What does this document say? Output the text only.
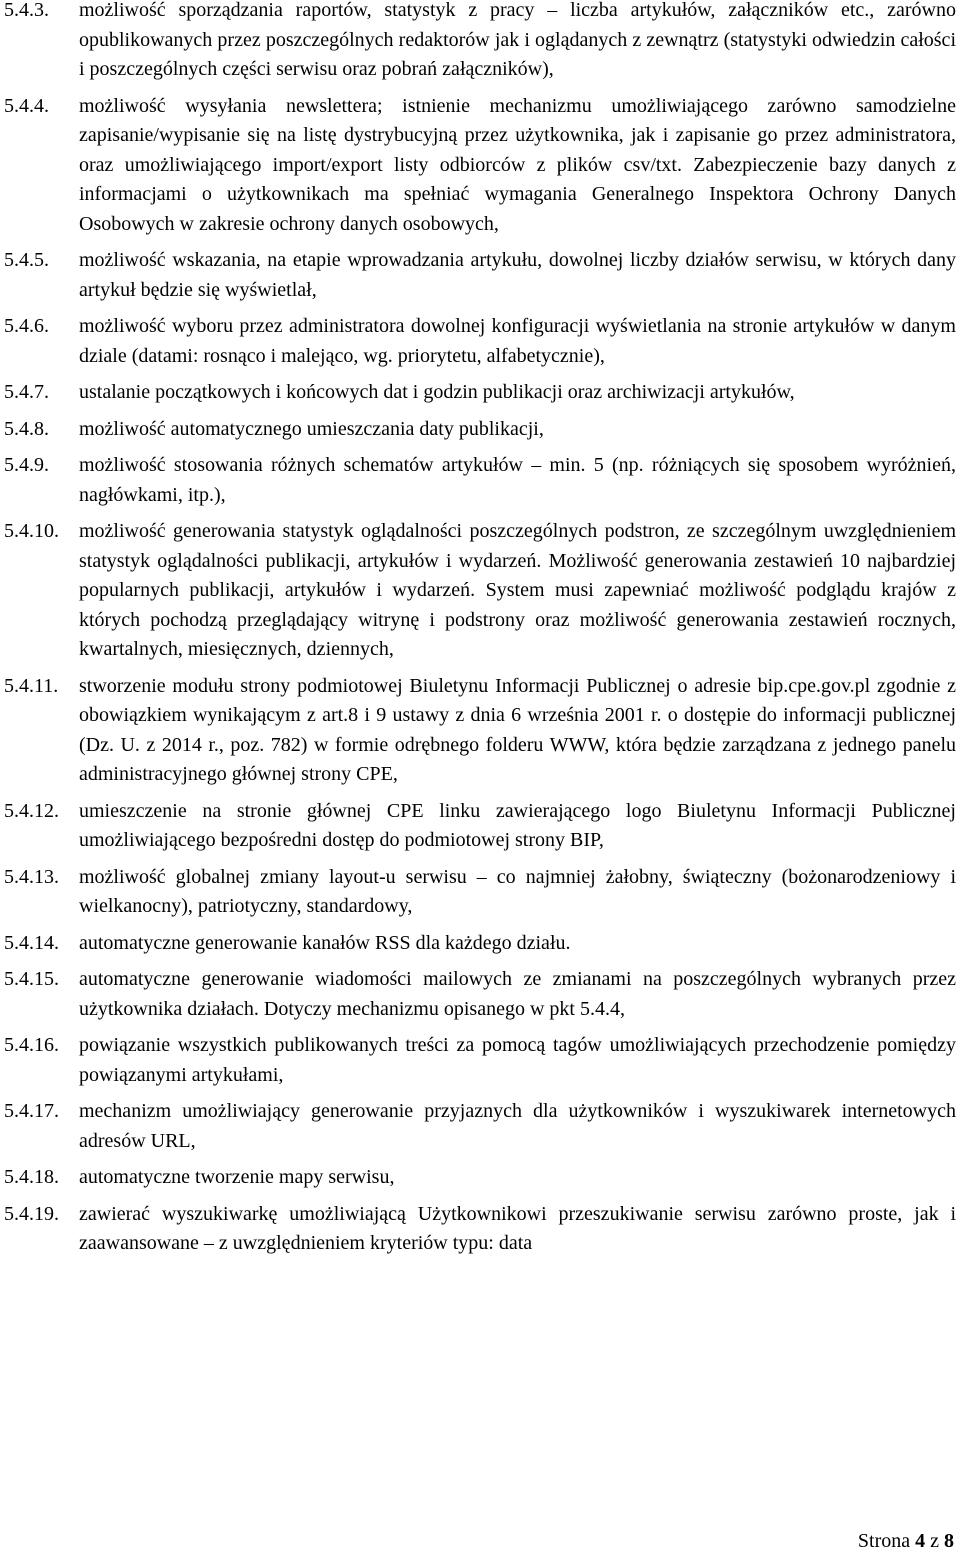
5.4.3. możliwość sporządzania raportów, statystyk z pracy – liczba artykułów, załączników etc., zarówno opublikowanych przez poszczególnych redaktorów jak i oglądanych z zewnątrz (statystyki odwiedzin całości i poszczególnych części serwisu oraz pobrań załączników),
5.4.4. możliwość wysyłania newslettera; istnienie mechanizmu umożliwiającego zarówno samodzielne zapisanie/wypisanie się na listę dystrybucyjną przez użytkownika, jak i zapisanie go przez administratora, oraz umożliwiającego import/export listy odbiorców z plików csv/txt. Zabezpieczenie bazy danych z informacjami o użytkownikach ma spełniać wymagania Generalnego Inspektora Ochrony Danych Osobowych w zakresie ochrony danych osobowych,
5.4.5. możliwość wskazania, na etapie wprowadzania artykułu, dowolnej liczby działów serwisu, w których dany artykuł będzie się wyświetlał,
5.4.6. możliwość wyboru przez administratora dowolnej konfiguracji wyświetlania na stronie artykułów w danym dziale (datami: rosnąco i malejąco, wg. priorytetu, alfabetycznie),
5.4.7. ustalanie początkowych i końcowych dat i godzin publikacji oraz archiwizacji artykułów,
5.4.8. możliwość automatycznego umieszczania daty publikacji,
5.4.9. możliwość stosowania różnych schematów artykułów – min. 5 (np. różniących się sposobem wyróżnień, nagłówkami, itp.),
5.4.10. możliwość generowania statystyk oglądalności poszczególnych podstron, ze szczególnym uwzględnieniem statystyk oglądalności publikacji, artykułów i wydarzeń. Możliwość generowania zestawień 10 najbardziej popularnych publikacji, artykułów i wydarzeń. System musi zapewniać możliwość podglądu krajów z których pochodzą przeglądający witrynę i podstrony oraz możliwość generowania zestawień rocznych, kwartalnych, miesięcznych, dziennych,
5.4.11. stworzenie modułu strony podmiotowej Biuletynu Informacji Publicznej o adresie bip.cpe.gov.pl zgodnie z obowiązkiem wynikającym z art.8 i 9 ustawy z dnia 6 września 2001 r. o dostępie do informacji publicznej (Dz. U. z 2014 r., poz. 782) w formie odrębnego folderu WWW, która będzie zarządzana z jednego panelu administracyjnego głównej strony CPE,
5.4.12. umieszczenie na stronie głównej CPE linku zawierającego logo Biuletynu Informacji Publicznej umożliwiającego bezpośredni dostęp do podmiotowej strony BIP,
5.4.13. możliwość globalnej zmiany layout-u serwisu – co najmniej żałobny, świąteczny (bożonarodzeniowy i wielkanocny), patriotyczny, standardowy,
5.4.14. automatyczne generowanie kanałów RSS dla każdego działu.
5.4.15. automatyczne generowanie wiadomości mailowych ze zmianami na poszczególnych wybranych przez użytkownika działach. Dotyczy mechanizmu opisanego w pkt 5.4.4,
5.4.16. powiązanie wszystkich publikowanych treści za pomocą tagów umożliwiających przechodzenie pomiędzy powiązanymi artykułami,
5.4.17. mechanizm umożliwiający generowanie przyjaznych dla użytkowników i wyszukiwarek internetowych adresów URL,
5.4.18. automatyczne tworzenie mapy serwisu,
5.4.19. zawierać wyszukiwarkę umożliwiającą Użytkownikowi przeszukiwanie serwisu zarówno proste, jak i zaawansowane – z uwzględnieniem kryteriów typu: data
Strona 4 z 8
